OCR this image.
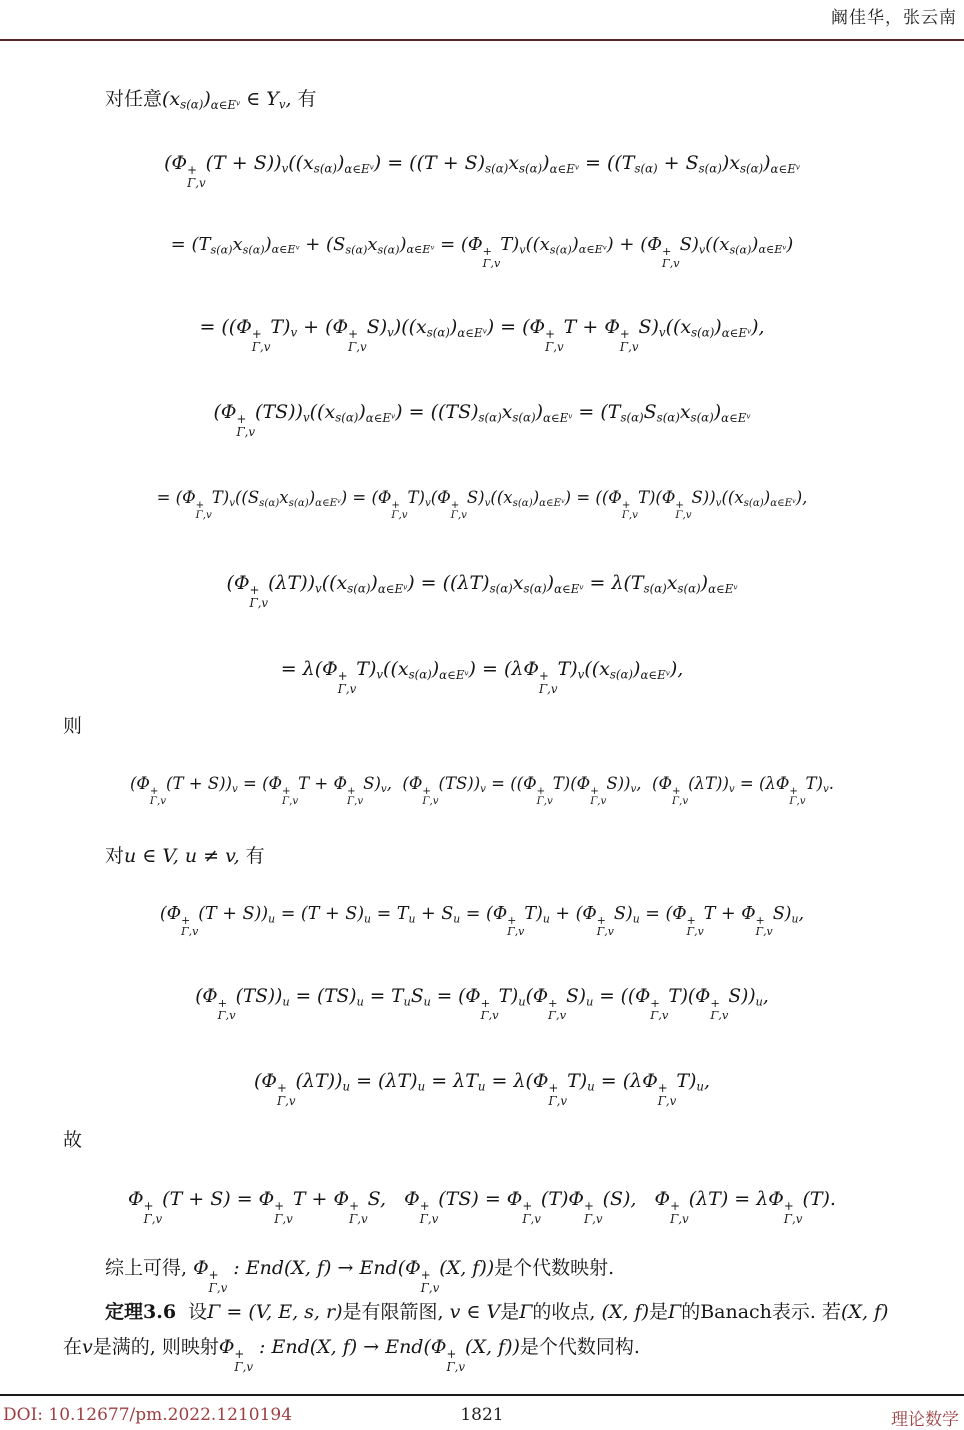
阚佳华，张云南
对任意$(x_{s(\alpha)})_{\alpha\in E^v}$ ∈ $Y_v$, 有
(Φ +
Γ,v
$(T + S))_v((x_{s(\alpha)})_{\alpha\in E^v}) = ((T + S)_{s(\alpha)}x_{s(\alpha)})_{\alpha\in E^v} = ((T_{s(\alpha)} + S_{s(\alpha)})x_{s(\alpha)})_{\alpha\in E^v}$
= $(T_{s(\alpha)}x_{s(\alpha)})_{\alpha\in E^v} + (S_{s(\alpha)}x_{s(\alpha)})_{\alpha\in E^v} = (\Phi$ +
Γ,v
$T)_v((x_{s(\alpha)})_{\alpha\in E^v}) + (\Phi$ +
Γ,v
$S)_v((x_{s(\alpha)})_{\alpha\in E^v})$
= ((Φ +
Γ,v
$T)_v + (\Phi$ +
Γ,v
$S)_v)((x_{s(\alpha)})_{\alpha\in E^v}) = (\Phi$ +
Γ,v
T + Φ +
Γ,v
$S)_v((x_{s(\alpha)})_{\alpha\in E^v})$,
(Φ +
Γ,v
$(TS))_v((x_{s(\alpha)})_{\alpha\in E^v}) = ((TS)_{s(\alpha)}x_{s(\alpha)})_{\alpha\in E^v} = (T_{s(\alpha)}S_{s(\alpha)}x_{s(\alpha)})_{\alpha\in E^v}$
= (Φ +
Γ,v
$T)_v((S_{s(\alpha)}x_{s(\alpha)})_{\alpha\in E^v}) = (\Phi$ +
Γ,v
$T)_v(\Phi$ +
Γ,v
$S)_v((x_{s(\alpha)})_{\alpha\in E^v}) = ((\Phi$ +
Γ,v
T)(Φ +
Γ,v
$S))_v((x_{s(\alpha)})_{\alpha\in E^v})$,
(Φ +
Γ,v
$(\lambda T))_v((x_{s(\alpha)})_{\alpha\in E^v}) = ((\lambda T)_{s(\alpha)}x_{s(\alpha)})_{\alpha\in E^v} = \lambda(T_{s(\alpha)}x_{s(\alpha)})_{\alpha\in E^v}$
= λ(Φ +
Γ,v
$T)_v((x_{s(\alpha)})_{\alpha\in E^v}) = (\lambda\Phi$ +
Γ,v
$T)_v((x_{s(\alpha)})_{\alpha\in E^v})$,
则
(Φ +
Γ,v
$(T + S))_v = (\Phi$ +
Γ,v
T + Φ +
Γ,v
$S)_v$,  (Φ +
Γ,v
$(TS))_v = ((\Phi$ +
Γ,v
T)(Φ +
Γ,v
$S))_v$,  (Φ +
Γ,v
$(\lambda T))_v = (\lambda\Phi$ +
Γ,v
$T)_v$.
对u ∈ V, u ≠ v, 有
(Φ +
Γ,v
$(T + S))_u = (T + S)_u = T_u + S_u = (\Phi$ +
Γ,v
$T)_u + (\Phi$ +
Γ,v
$S)_u = (\Phi$ +
Γ,v
T + Φ +
Γ,v
$S)_u$,
(Φ +
Γ,v
$(TS))_u = (TS)_u = T_uS_u = (\Phi$ +
Γ,v
$T)_u(\Phi$ +
Γ,v
$S)_u = ((\Phi$ +
Γ,v
T)(Φ +
Γ,v
$S))_u$,
(Φ +
Γ,v
$(\lambda T))_u = (\lambda T)_u = \lambda T_u = \lambda(\Phi$ +
Γ,v
$T)_u = (\lambda\Phi$ +
Γ,v
$T)_u$,
故
Φ +
Γ,v
(T + S) = Φ +
Γ,v
T + Φ +
Γ,v
S,   Φ +
Γ,v
(TS) = Φ +
Γ,v
(T)Φ +
Γ,v
(S),   Φ +
Γ,v
(λT) = λΦ +
Γ,v
(T).
综上可得, Φ +
Γ,v
: End(X, f) → End(Φ +
Γ,v
(X, f))是个代数映射.
定理3.6  设Γ = (V, E, s, r)是有限箭图, v ∈ V是Γ的收点, (X, f)是Γ的Banach表示. 若(X, f)
在v是满的, 则映射Φ +
Γ,v
: End(X, f) → End(Φ +
Γ,v
(X, f))是个代数同构.
DOI: 10.12677/pm.2022.1210194	1821	理论数学
